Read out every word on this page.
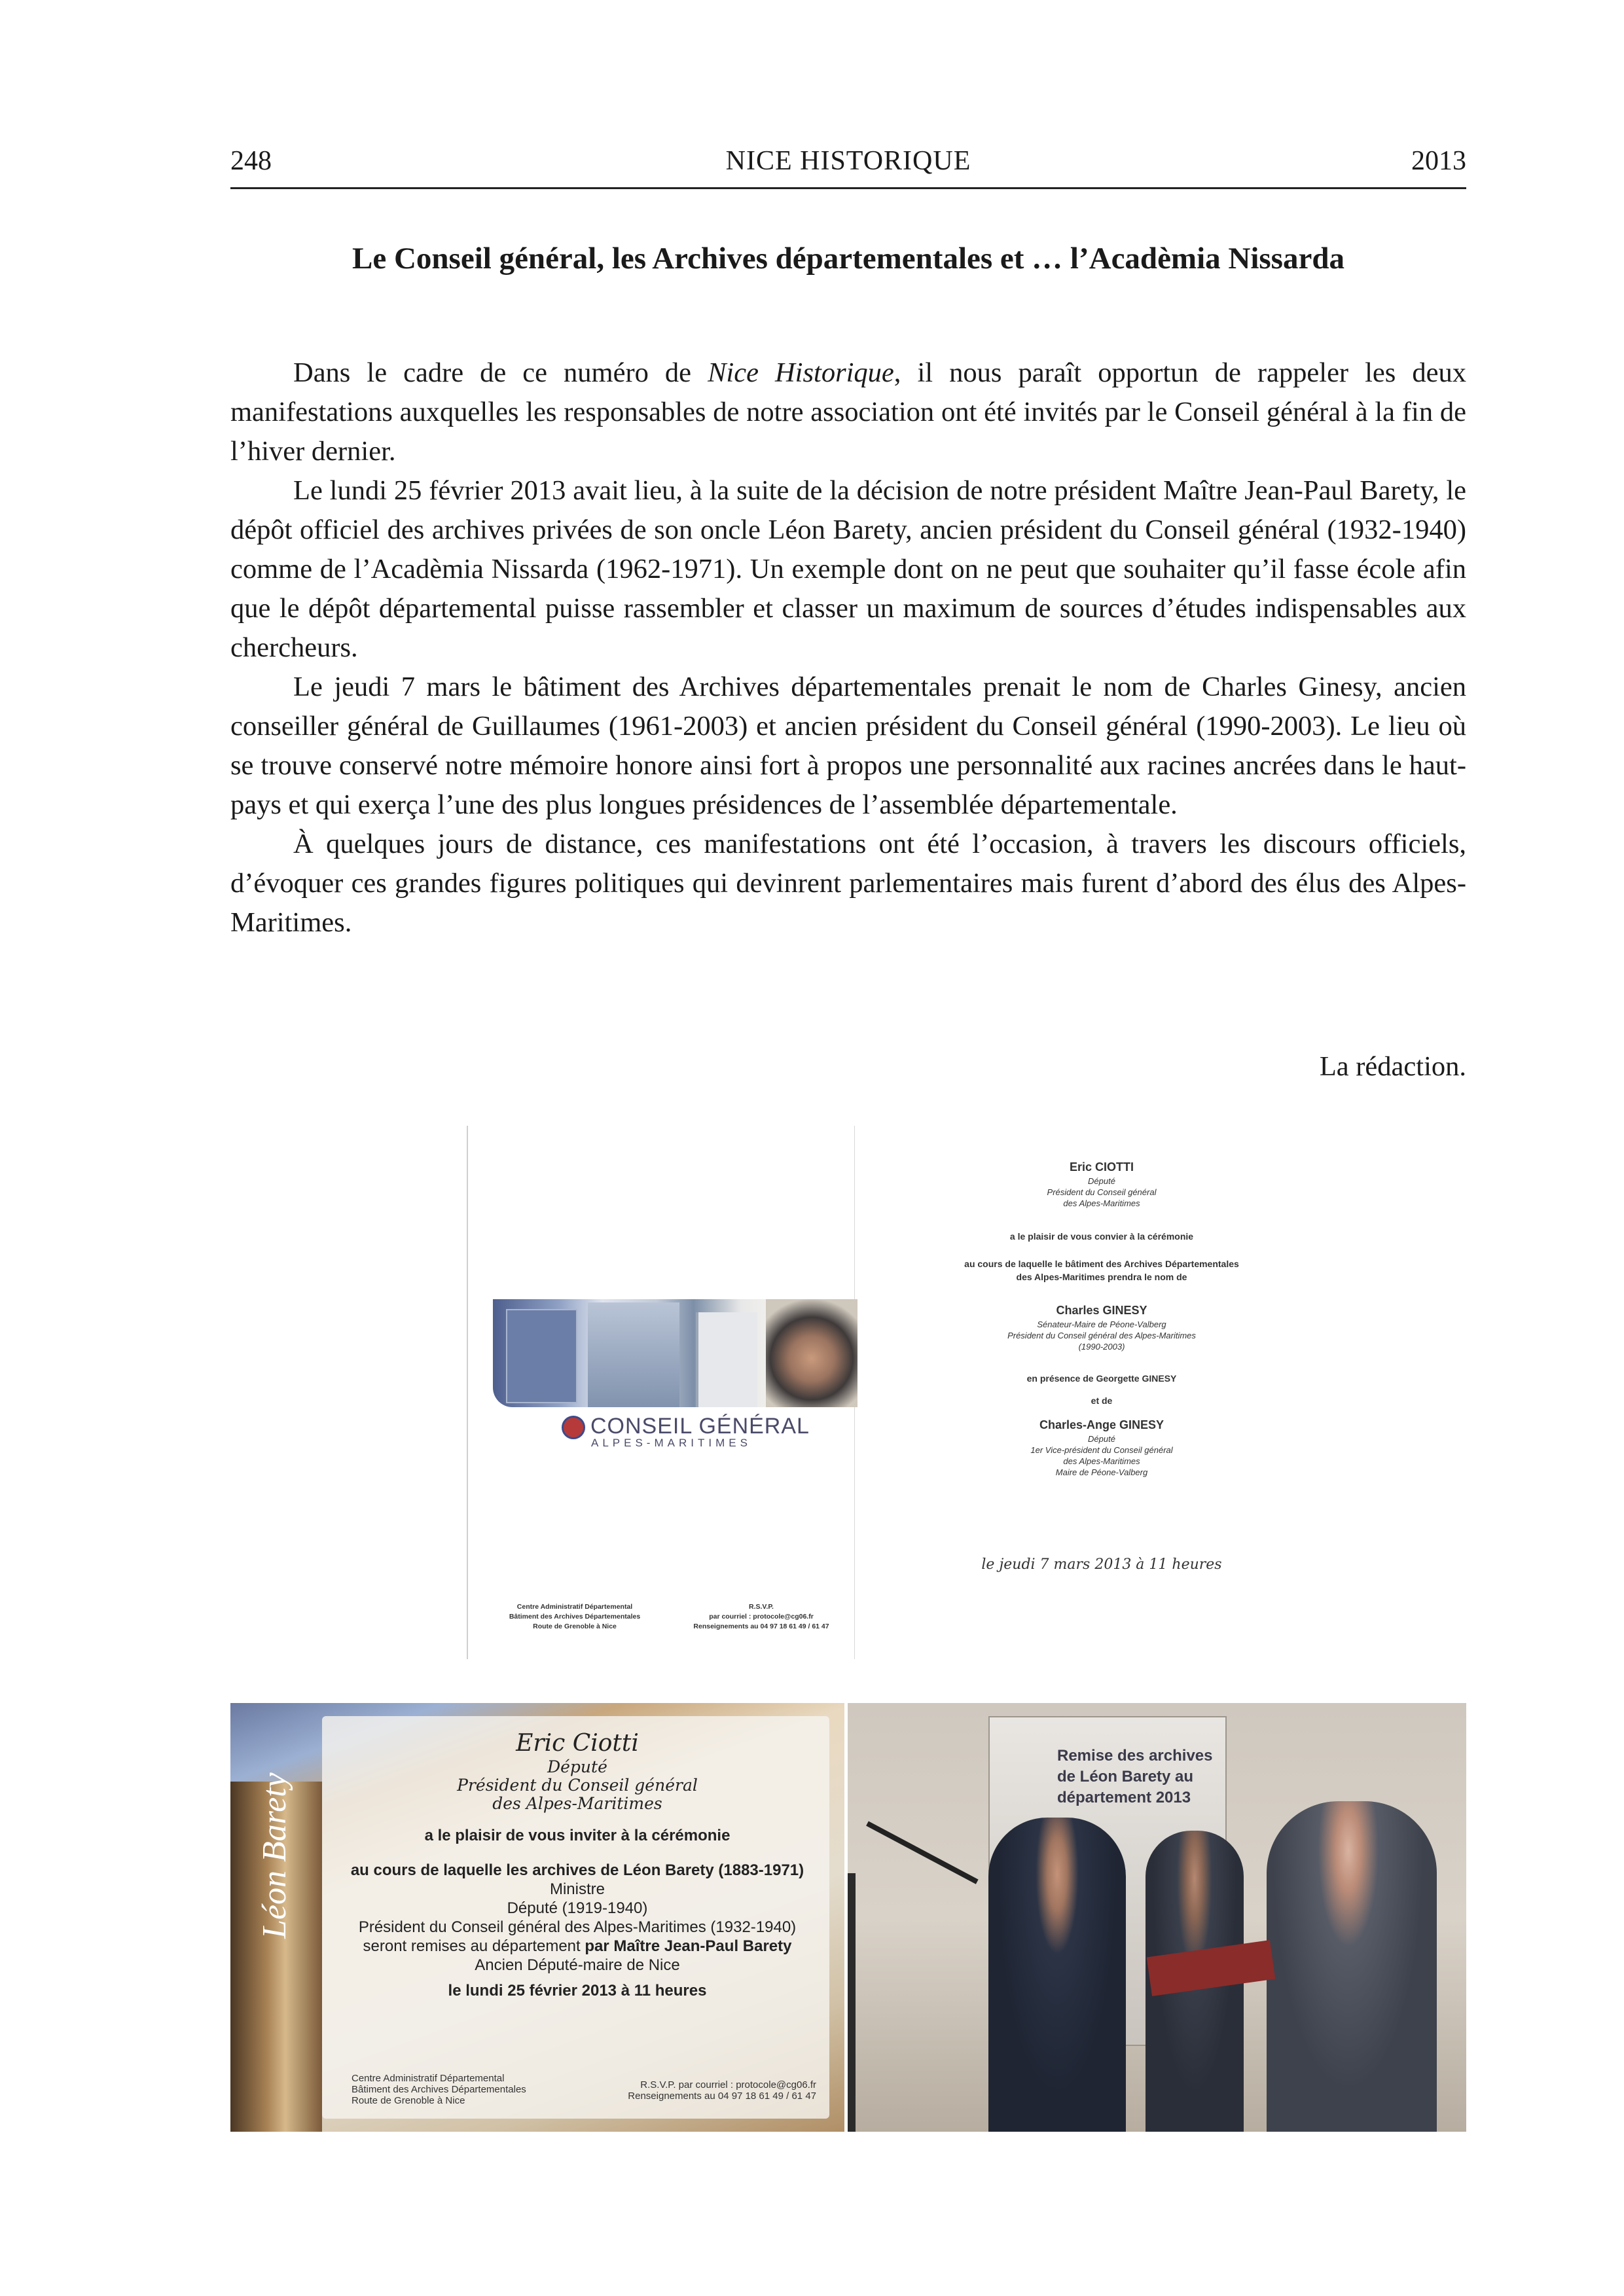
248	NICE HISTORIQUE	2013
Le Conseil général, les Archives départementales et … l’Acadèmia Nissarda

Dans le cadre de ce numéro de Nice Historique, il nous paraît opportun de rappeler les deux manifestations auxquelles les responsables de notre association ont été invités par le Conseil général à la fin de l’hiver dernier.

Le lundi 25 février 2013 avait lieu, à la suite de la décision de notre président Maître Jean-Paul Barety, le dépôt officiel des archives privées de son oncle Léon Barety, ancien président du Conseil général (1932-1940) comme de l’Acadèmia Nissarda (1962-1971). Un exemple dont on ne peut que souhaiter qu’il fasse école afin que le dépôt départemental puisse rassembler et classer un maximum de sources d’études indispensables aux chercheurs.

Le jeudi 7 mars le bâtiment des Archives départementales prenait le nom de Charles Ginesy, ancien conseiller général de Guillaumes (1961-2003) et ancien président du Conseil général (1990-2003). Le lieu où se trouve conservé notre mémoire honore ainsi fort à propos une personnalité aux racines ancrées dans le haut-pays et qui exerça l’une des plus longues présidences de l’assemblée départementale.

À quelques jours de distance, ces manifestations ont été l’occasion, à travers les discours officiels, d’évoquer ces grandes figures politiques qui devinrent parlementaires mais furent d’abord des élus des Alpes-Maritimes.

La rédaction.
CONSEIL GÉNÉRAL
ALPES-MARITIMES
Centre Administratif Départemental
Bâtiment des Archives Départementales
Route de Grenoble à Nice
R.S.V.P.
par courriel : protocole@cg06.fr
Renseignements au 04 97 18 61 49 / 61 47
Eric CIOTTI
Député
Président du Conseil général
des Alpes-Maritimes
a le plaisir de vous convier à la cérémonie
au cours de laquelle le bâtiment des Archives Départementales
des Alpes-Maritimes prendra le nom de
Charles GINESY
Sénateur-Maire de Péone-Valberg
Président du Conseil général des Alpes-Maritimes
(1990-2003)
en présence de Georgette GINESY
et de
Charles-Ange GINESY
Député
1er Vice-président du Conseil général
des Alpes-Maritimes
Maire de Péone-Valberg
le jeudi 7 mars 2013 à 11 heures
Léon Barety
Eric Ciotti
Député
Président du Conseil général
des Alpes-Maritimes
a le plaisir de vous inviter à la cérémonie
au cours de laquelle les archives de Léon Barety (1883-1971)
Ministre
Député (1919-1940)
Président du Conseil général des Alpes-Maritimes (1932-1940)
seront remises au département par Maître Jean-Paul Barety
Ancien Député-maire de Nice
le lundi 25 février 2013 à 11 heures
Centre Administratif Départemental
Bâtiment des Archives Départementales
Route de Grenoble à Nice
R.S.V.P. par courriel : protocole@cg06.fr
Renseignements au 04 97 18 61 49 / 61 47
Remise des archives de Léon Barety au département 2013
